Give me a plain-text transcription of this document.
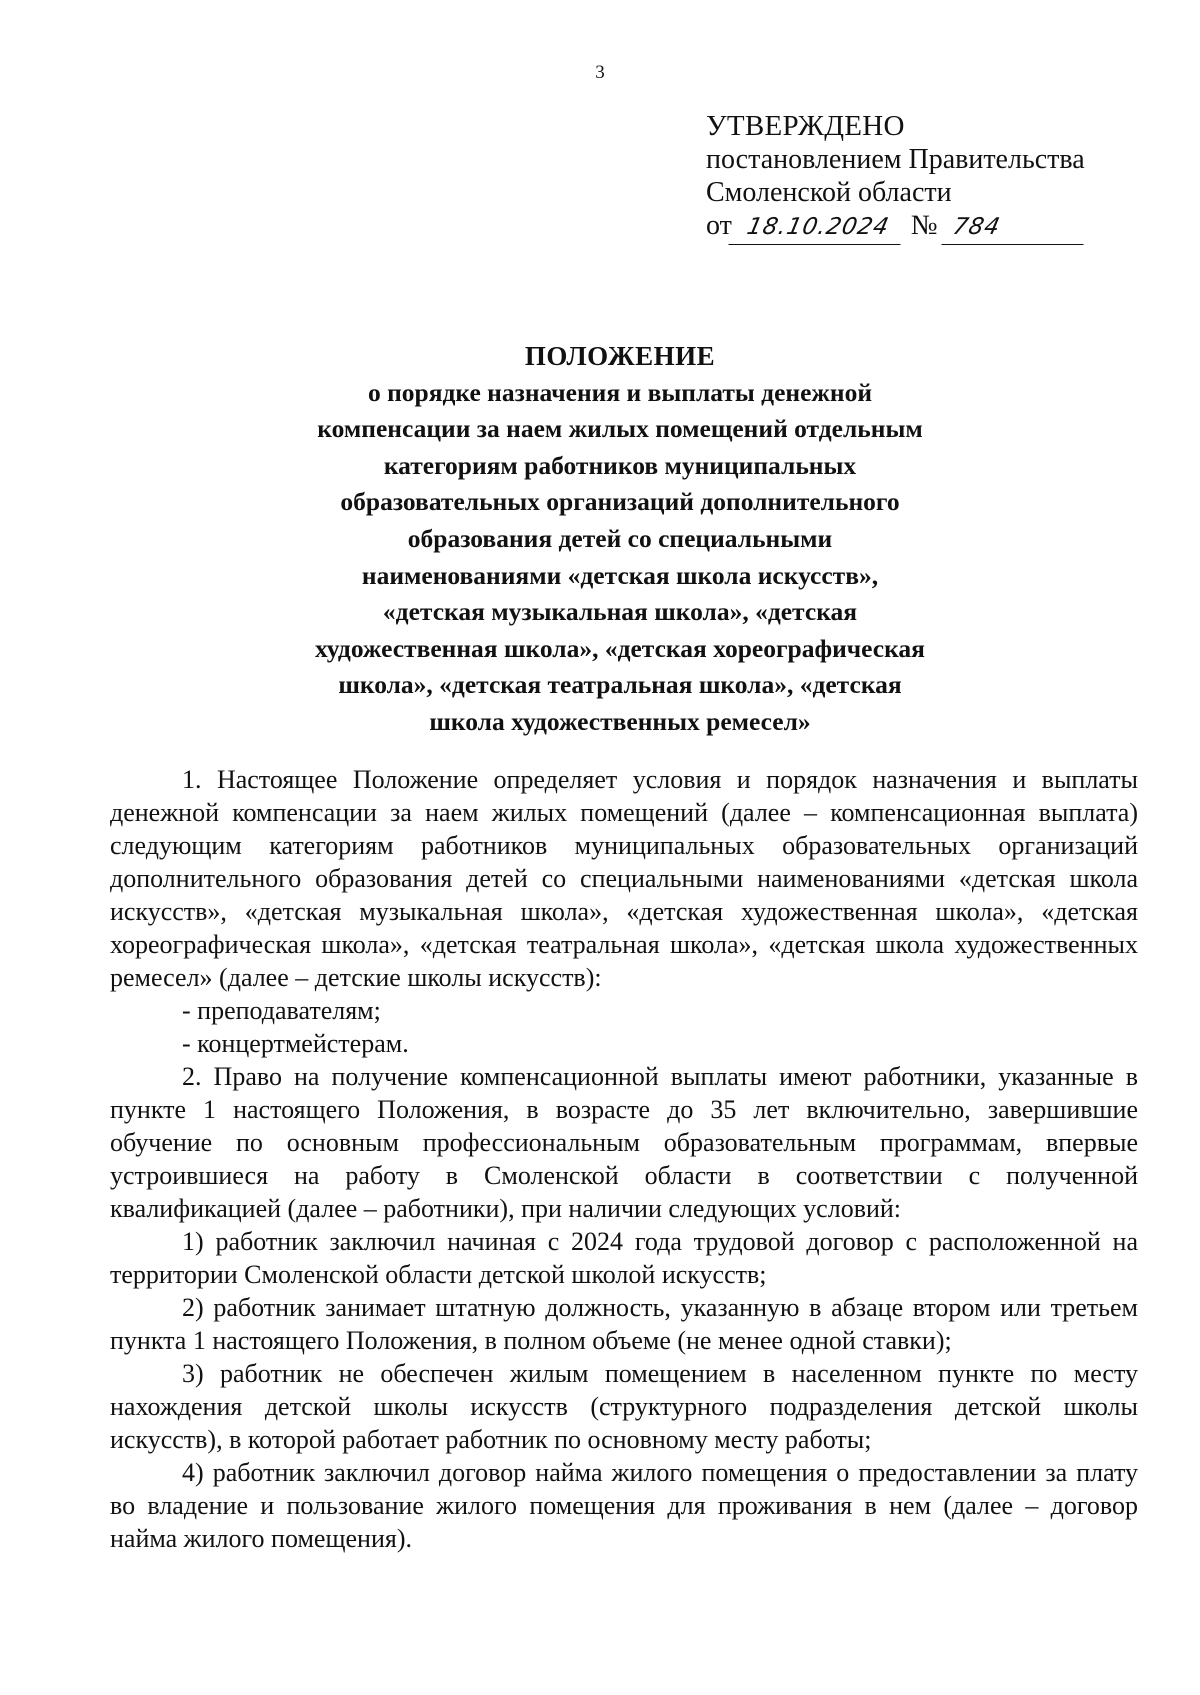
3
УТВЕРЖДЕНО
постановлением Правительства
Смоленской области
от 18.10.2024 № 784
ПОЛОЖЕНИЕ
о порядке назначения и выплаты денежной
компенсации за наем жилых помещений отдельным
категориям работников муниципальных
образовательных организаций дополнительного
образования детей со специальными
наименованиями «детская школа искусств»,
«детская музыкальная школа», «детская
художественная школа», «детская хореографическая
школа», «детская театральная школа», «детская
школа художественных ремесел»

1. Настоящее Положение определяет условия и порядок назначения и выплаты денежной компенсации за наем жилых помещений (далее – компенсационная выплата) следующим категориям работников муниципальных образовательных организаций дополнительного образования детей со специальными наименованиями «детская школа искусств», «детская музыкальная школа», «детская художественная школа», «детская хореографическая школа», «детская театральная школа», «детская школа художественных ремесел» (далее – детские школы искусств):

- преподавателям;

- концертмейстерам.

2. Право на получение компенсационной выплаты имеют работники, указанные в пункте 1 настоящего Положения, в возрасте до 35 лет включительно, завершившие обучение по основным профессиональным образовательным программам, впервые устроившиеся на работу в Смоленской области в соответствии с полученной квалификацией (далее – работники), при наличии следующих условий:

1) работник заключил начиная с 2024 года трудовой договор с расположенной на территории Смоленской области детской школой искусств;

2) работник занимает штатную должность, указанную в абзаце втором или третьем пункта 1 настоящего Положения, в полном объеме (не менее одной ставки);

3) работник не обеспечен жилым помещением в населенном пункте по месту нахождения детской школы искусств (структурного подразделения детской школы искусств), в которой работает работник по основному месту работы;

4) работник заключил договор найма жилого помещения о предоставлении за плату во владение и пользование жилого помещения для проживания в нем (далее – договор найма жилого помещения).
